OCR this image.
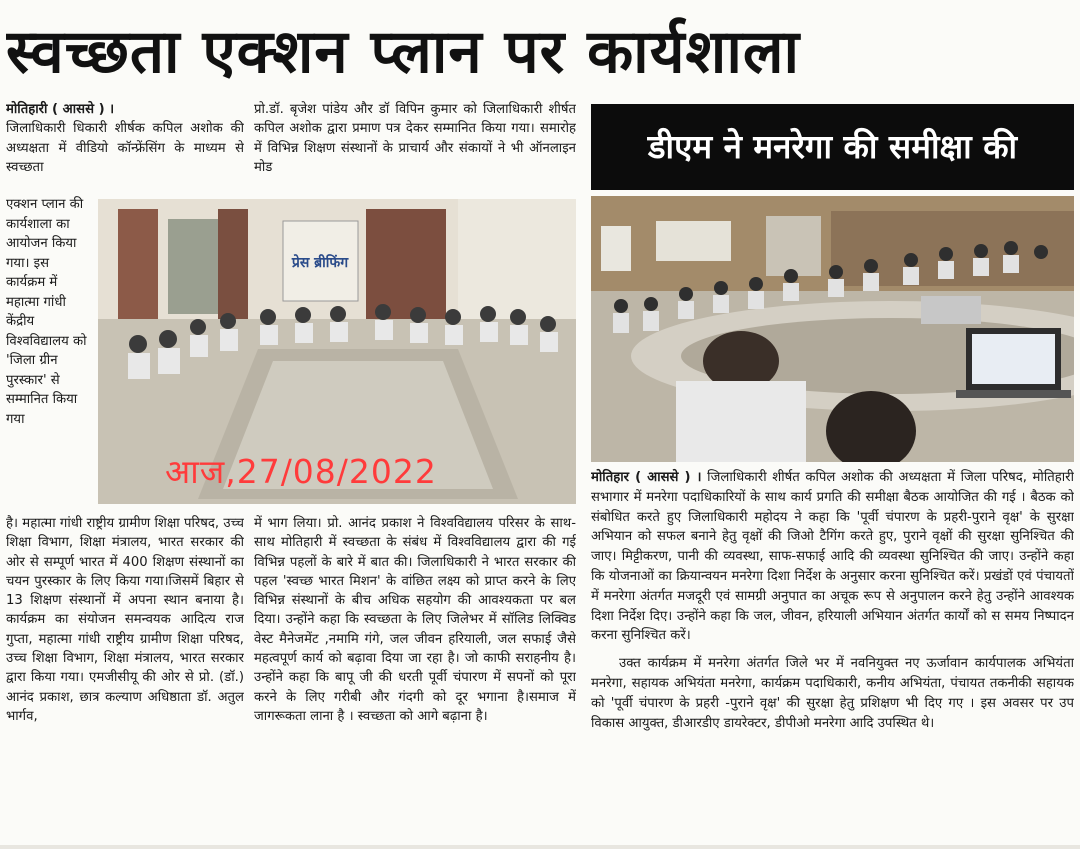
स्वच्छता एक्शन प्लान पर कार्यशाला
मोतिहारी ( आससे ) ।
जिलाधिकारी धिकारी शीर्षक कपिल अशोक की अध्यक्षता में वीडियो कॉन्फ्रेंसिंग के माध्यम से स्वच्छता
प्रो.डॉ. बृजेश पांडेय और डॉ विपिन कुमार को जिलाधिकारी शीर्षत कपिल अशोक द्वारा प्रमाण पत्र देकर सम्मानित किया गया। समारोह में विभिन्न शिक्षण संस्थानों के प्राचार्य और संकायों ने भी ऑनलाइन मोड
एक्शन प्लान की कार्यशाला का आयोजन किया गया। इस कार्यक्रम में महात्मा गांधी केंद्रीय विश्वविद्यालय को 'जिला ग्रीन पुरस्कार' से सम्मानित किया गया
प्रेस ब्रीफिंग
आज,27/08/2022
है। महात्मा गांधी राष्ट्रीय ग्रामीण शिक्षा परिषद, उच्च शिक्षा विभाग, शिक्षा मंत्रालय, भारत सरकार की ओर से सम्पूर्ण भारत में 400 शिक्षण संस्थानों का चयन पुरस्कार के लिए किया गया।जिसमें बिहार से 13 शिक्षण संस्थानों में अपना स्थान बनाया है। कार्यक्रम का संयोजन समन्वयक आदित्य राज गुप्ता, महात्मा गांधी राष्ट्रीय ग्रामीण शिक्षा परिषद, उच्च शिक्षा विभाग, शिक्षा मंत्रालय, भारत सरकार द्वारा किया गया। एमजीसीयू की ओर से प्रो. (डॉ.) आनंद प्रकाश, छात्र कल्याण अधिष्ठाता डॉ. अतुल भार्गव,
में भाग लिया। प्रो. आनंद प्रकाश ने विश्वविद्यालय परिसर के साथ-साथ मोतिहारी में स्वच्छता के संबंध में विश्वविद्यालय द्वारा की गई विभिन्न पहलों के बारे में बात की। जिलाधिकारी ने भारत सरकार की पहल 'स्वच्छ भारत मिशन' के वांछित लक्ष्य को प्राप्त करने के लिए विभिन्न संस्थानों के बीच अधिक सहयोग की आवश्यकता पर बल दिया। उन्होंने कहा कि स्वच्छता के लिए जिलेभर में सॉलिड लिक्विड वेस्ट मैनेजमेंट ,नमामि गंगे, जल जीवन हरियाली, जल सफाई जैसे महत्वपूर्ण कार्य को बढ़ावा दिया जा रहा है। जो काफी सराहनीय है। उन्होंने कहा कि बापू जी की धरती पूर्वी चंपारण में सपनों को पूरा करने के लिए गरीबी और गंदगी को दूर भगाना है।समाज में जागरूकता लाना है । स्वच्छता को आगे बढ़ाना है।
डीएम ने मनरेगा की समीक्षा की
मोतिहार ( आससे ) । जिलाधिकारी शीर्षत कपिल अशोक की अध्यक्षता में जिला परिषद, मोतिहारी सभागार में मनरेगा पदाधिकारियों के साथ कार्य प्रगति की समीक्षा बैठक आयोजित की गई । बैठक को संबोधित करते हुए जिलाधिकारी महोदय ने कहा कि 'पूर्वी चंपारण के प्रहरी-पुराने वृक्ष' के सुरक्षा अभियान को सफल बनाने हेतु वृक्षों की जिओ टैगिंग करते हुए, पुराने वृक्षों की सुरक्षा सुनिश्चित की जाए। मिट्टीकरण, पानी की व्यवस्था, साफ-सफाई आदि की व्यवस्था सुनिश्चित की जाए। उन्होंने कहा कि योजनाओं का क्रियान्वयन मनरेगा दिशा निर्देश के अनुसार करना सुनिश्चित करें। प्रखंडों एवं पंचायतों में मनरेगा अंतर्गत मजदूरी एवं सामग्री अनुपात का अचूक रूप से अनुपालन करने हेतु उन्होंने आवश्यक दिशा निर्देश दिए। उन्होंने कहा कि जल, जीवन, हरियाली अभियान अंतर्गत कार्यों को स समय निष्पादन करना सुनिश्चित करें।
उक्त कार्यक्रम में मनरेगा अंतर्गत जिले भर में नवनियुक्त नए ऊर्जावान कार्यपालक अभियंता मनरेगा, सहायक अभियंता मनरेगा, कार्यक्रम पदाधिकारी, कनीय अभियंता, पंचायत तकनीकी सहायक को 'पूर्वी चंपारण के प्रहरी -पुराने वृक्ष' की सुरक्षा हेतु प्रशिक्षण भी दिए गए । इस अवसर पर उप विकास आयुक्त, डीआरडीए डायरेक्टर, डीपीओ मनरेगा आदि उपस्थित थे।
